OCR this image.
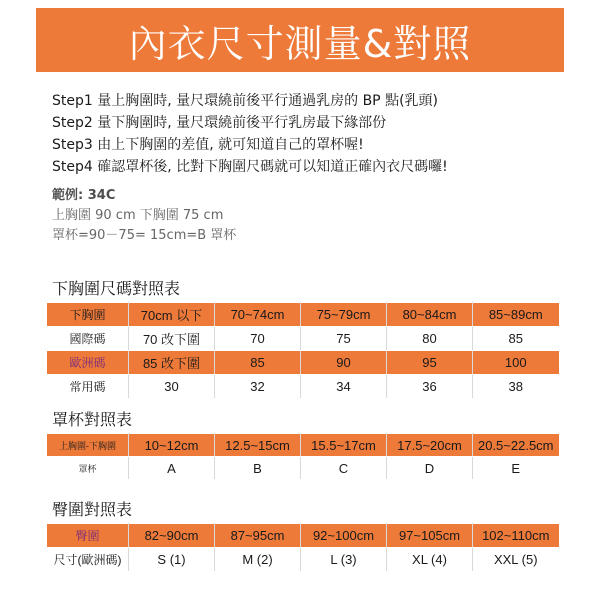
內衣尺寸測量&對照
Step1 量上胸圍時, 量尺環繞前後平行通過乳房的 BP 點(乳頭)
Step2 量下胸圍時, 量尺環繞前後平行乳房最下緣部份
Step3 由上下胸圍的差值, 就可知道自己的罩杯喔!
Step4 確認罩杯後, 比對下胸圍尺碼就可以知道正確內衣尺碼囉!
範例: 34C
上胸圍 90 cm 下胸圍 75 cm
罩杯=90－75= 15cm=B 罩杯
下胸圍尺碼對照表
下胸圍	70cm 以下	70~74cm	75~79cm	80~84cm	85~89cm
國際碼	70 改下圍	70	75	80	85
歐洲碼	85 改下圍	85	90	95	100
常用碼	30	32	34	36	38
罩杯對照表
上胸圍-下胸圍	10~12cm	12.5~15cm	15.5~17cm	17.5~20cm	20.5~22.5cm
罩杯	A	B	C	D	E
臀圍對照表
臀圍	82~90cm	87~95cm	92~100cm	97~105cm	102~110cm
尺寸(歐洲碼)	S (1)	M (2)	L (3)	XL (4)	XXL (5)
